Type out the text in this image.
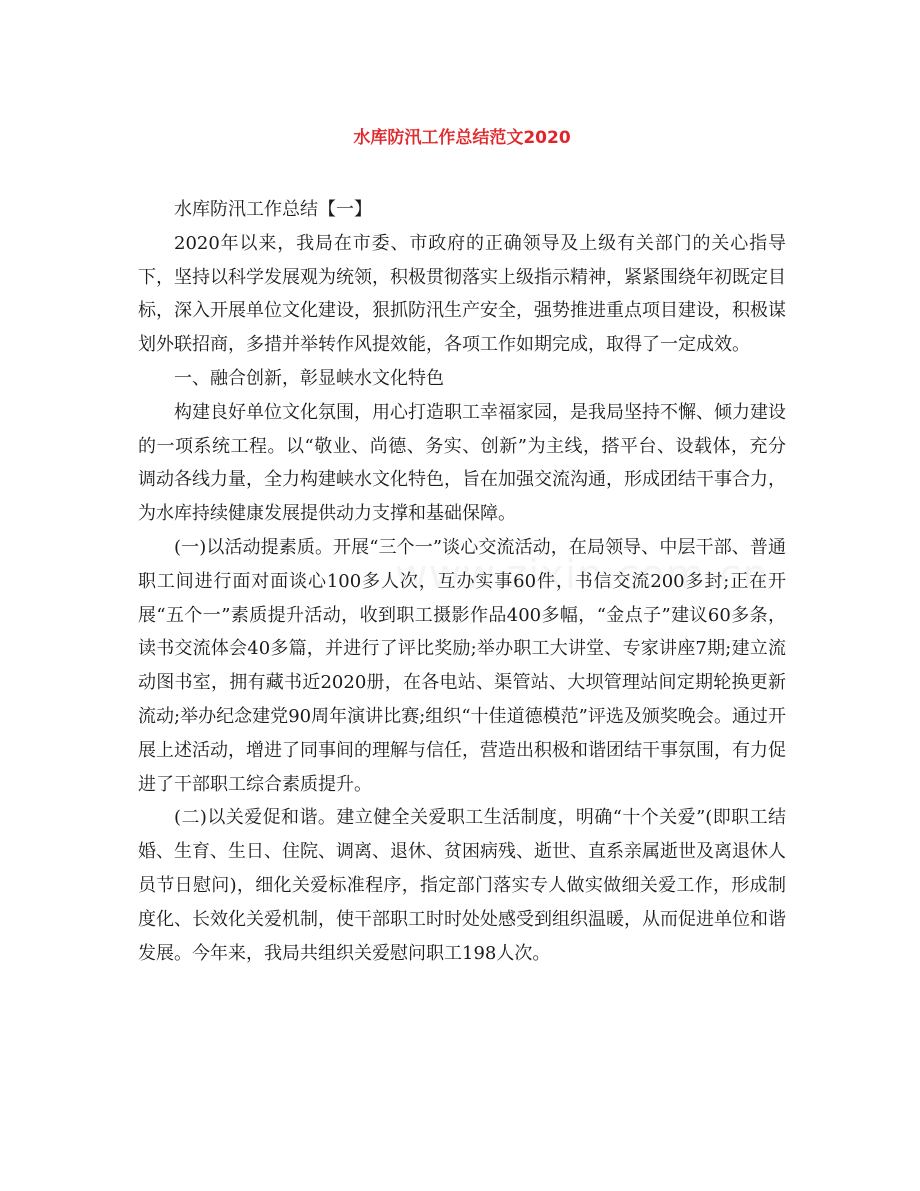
水库防汛工作总结范文2020

水库防汛工作总结【一】

2020年以来，我局在市委、市政府的正确领导及上级有关部门的关心指导下，坚持以科学发展观为统领，积极贯彻落实上级指示精神，紧紧围绕年初既定目标，深入开展单位文化建设，狠抓防汛生产安全，强势推进重点项目建设，积极谋划外联招商，多措并举转作风提效能，各项工作如期完成，取得了一定成效。

一、融合创新，彰显峡水文化特色

构建良好单位文化氛围，用心打造职工幸福家园，是我局坚持不懈、倾力建设的一项系统工程。以“敬业、尚德、务实、创新”为主线，搭平台、设载体，充分调动各线力量，全力构建峡水文化特色，旨在加强交流沟通，形成团结干事合力，为水库持续健康发展提供动力支撑和基础保障。

(一)以活动提素质。开展“三个一”谈心交流活动，在局领导、中层干部、普通职工间进行面对面谈心100多人次，互办实事60件，书信交流200多封;正在开展“五个一”素质提升活动，收到职工摄影作品400多幅，“金点子”建议60多条，读书交流体会40多篇，并进行了评比奖励;举办职工大讲堂、专家讲座7期;建立流动图书室，拥有藏书近2020册，在各电站、渠管站、大坝管理站间定期轮换更新流动;举办纪念建党90周年演讲比赛;组织“十佳道德模范”评选及颁奖晚会。通过开展上述活动，增进了同事间的理解与信任，营造出积极和谐团结干事氛围，有力促进了干部职工综合素质提升。

(二)以关爱促和谐。建立健全关爱职工生活制度，明确“十个关爱”(即职工结婚、生育、生日、住院、调离、退休、贫困病残、逝世、直系亲属逝世及离退休人员节日慰问)，细化关爱标准程序，指定部门落实专人做实做细关爱工作，形成制度化、长效化关爱机制，使干部职工时时处处感受到组织温暖，从而促进单位和谐发展。今年来，我局共组织关爱慰问职工198人次。
